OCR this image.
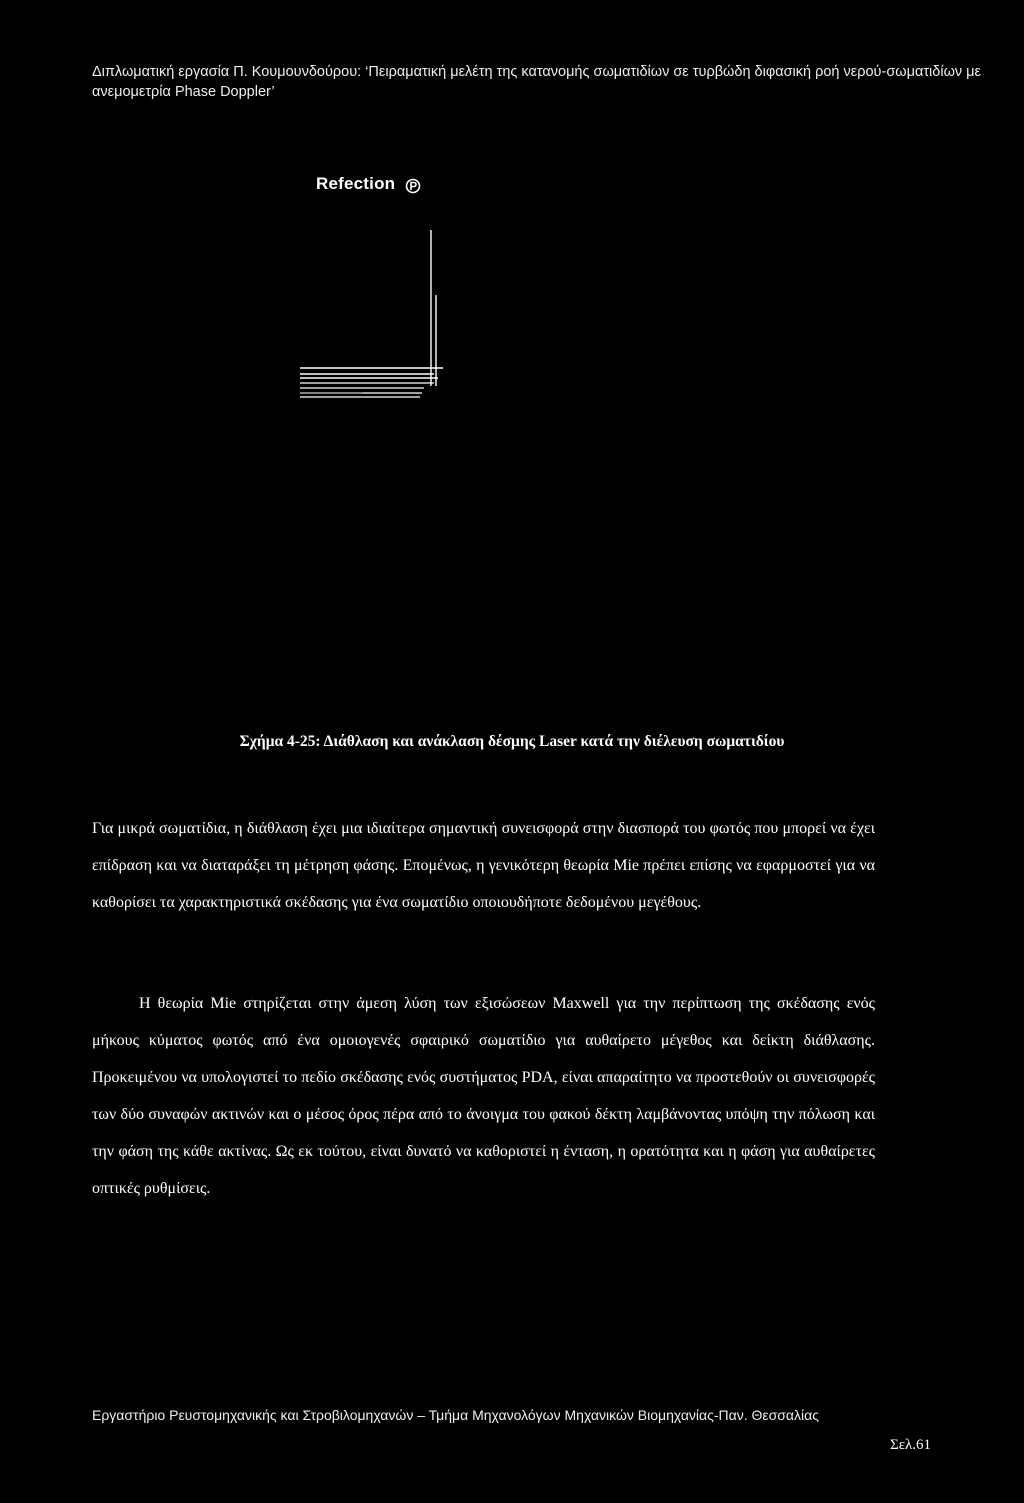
Διπλωματική εργασία Π. Κουμουνδούρου: ‘Πειραματική μελέτη της κατανομής σωματιδίων σε τυρβώδη διφασική ροή νερού-σωματιδίων με ανεμομετρία Phase Doppler’
Refection
Σχήμα 4-25: Διάθλαση και ανάκλαση δέσμης Laser κατά την διέλευση σωματιδίου

Για μικρά σωματίδια, η διάθλαση έχει μια ιδιαίτερα σημαντική συνεισφορά στην διασπορά του φωτός που μπορεί να έχει επίδραση και να διαταράξει τη μέτρηση φάσης. Επομένως, η γενικότερη θεωρία Mie πρέπει επίσης να εφαρμοστεί για να καθορίσει τα χαρακτηριστικά σκέδασης για ένα σωματίδιο οποιουδήποτε δεδομένου μεγέθους.

Η θεωρία Mie στηρίζεται στην άμεση λύση των εξισώσεων Maxwell για την περίπτωση της σκέδασης ενός μήκους κύματος φωτός από ένα ομοιογενές σφαιρικό σωματίδιο για αυθαίρετο μέγεθος και δείκτη διάθλασης. Προκειμένου να υπολογιστεί το πεδίο σκέδασης ενός συστήματος PDA, είναι απαραίτητο να προστεθούν οι συνεισφορές των δύο συναφών ακτινών και ο μέσος όρος πέρα από το άνοιγμα του φακού δέκτη λαμβάνοντας υπόψη την πόλωση και την φάση της κάθε ακτίνας. Ως εκ τούτου, είναι δυνατό να καθοριστεί η ένταση, η ορατότητα και η φάση για αυθαίρετες οπτικές ρυθμίσεις.

Εργαστήριο Ρευστομηχανικής και Στροβιλομηχανών – Τμήμα Μηχανολόγων Μηχανικών Βιομηχανίας-Παν. Θεσσαλίας
Σελ.61
